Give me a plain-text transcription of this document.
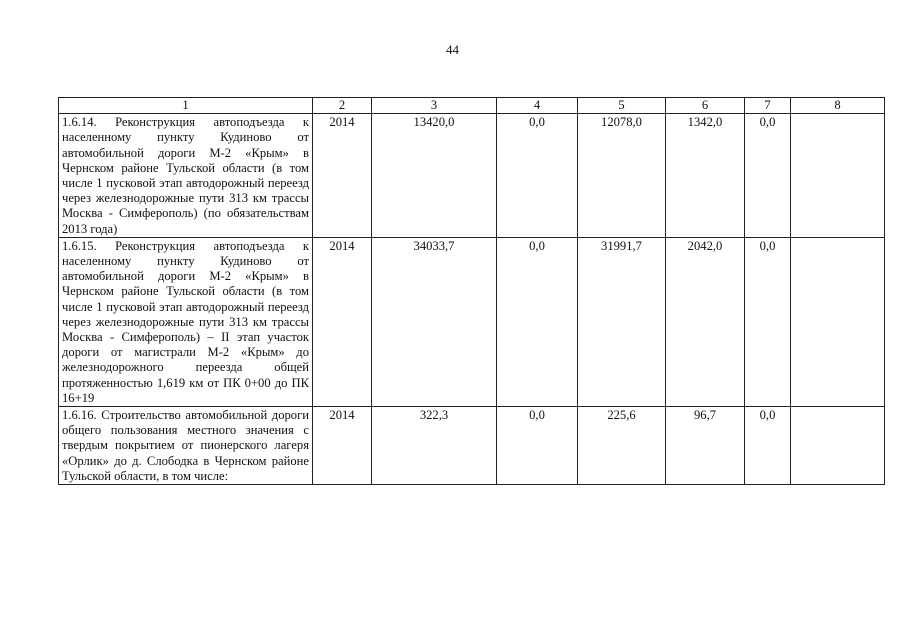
44
1	2	3	4	5	6	7	8
1.6.14. Реконструкция автоподъезда к населенному пункту Кудиново от автомобильной дороги М-2 «Крым» в Чернском районе Тульской области (в том числе 1 пусковой этап автодорожный переезд через железнодорожные пути 313 км трассы Москва - Симферополь) (по обязательствам 2013 года)	2014	13420,0	0,0	12078,0	1342,0	0,0	
1.6.15. Реконструкция автоподъезда к населенному пункту Кудиново от автомобильной дороги М-2 «Крым» в Чернском районе Тульской области (в том числе 1 пусковой этап автодорожный переезд через железнодорожные пути 313 км трассы Москва - Симферополь) – II этап участок дороги от магистрали М-2 «Крым» до железнодорожного переезда общей протяженностью 1,619 км от ПК 0+00 до ПК 16+19	2014	34033,7	0,0	31991,7	2042,0	0,0	
1.6.16. Строительство автомобильной дороги общего пользования местного значения с твердым покрытием от пионерского лагеря «Орлик» до д. Слободка в Чернском районе Тульской области, в том числе:	2014	322,3	0,0	225,6	96,7	0,0	
